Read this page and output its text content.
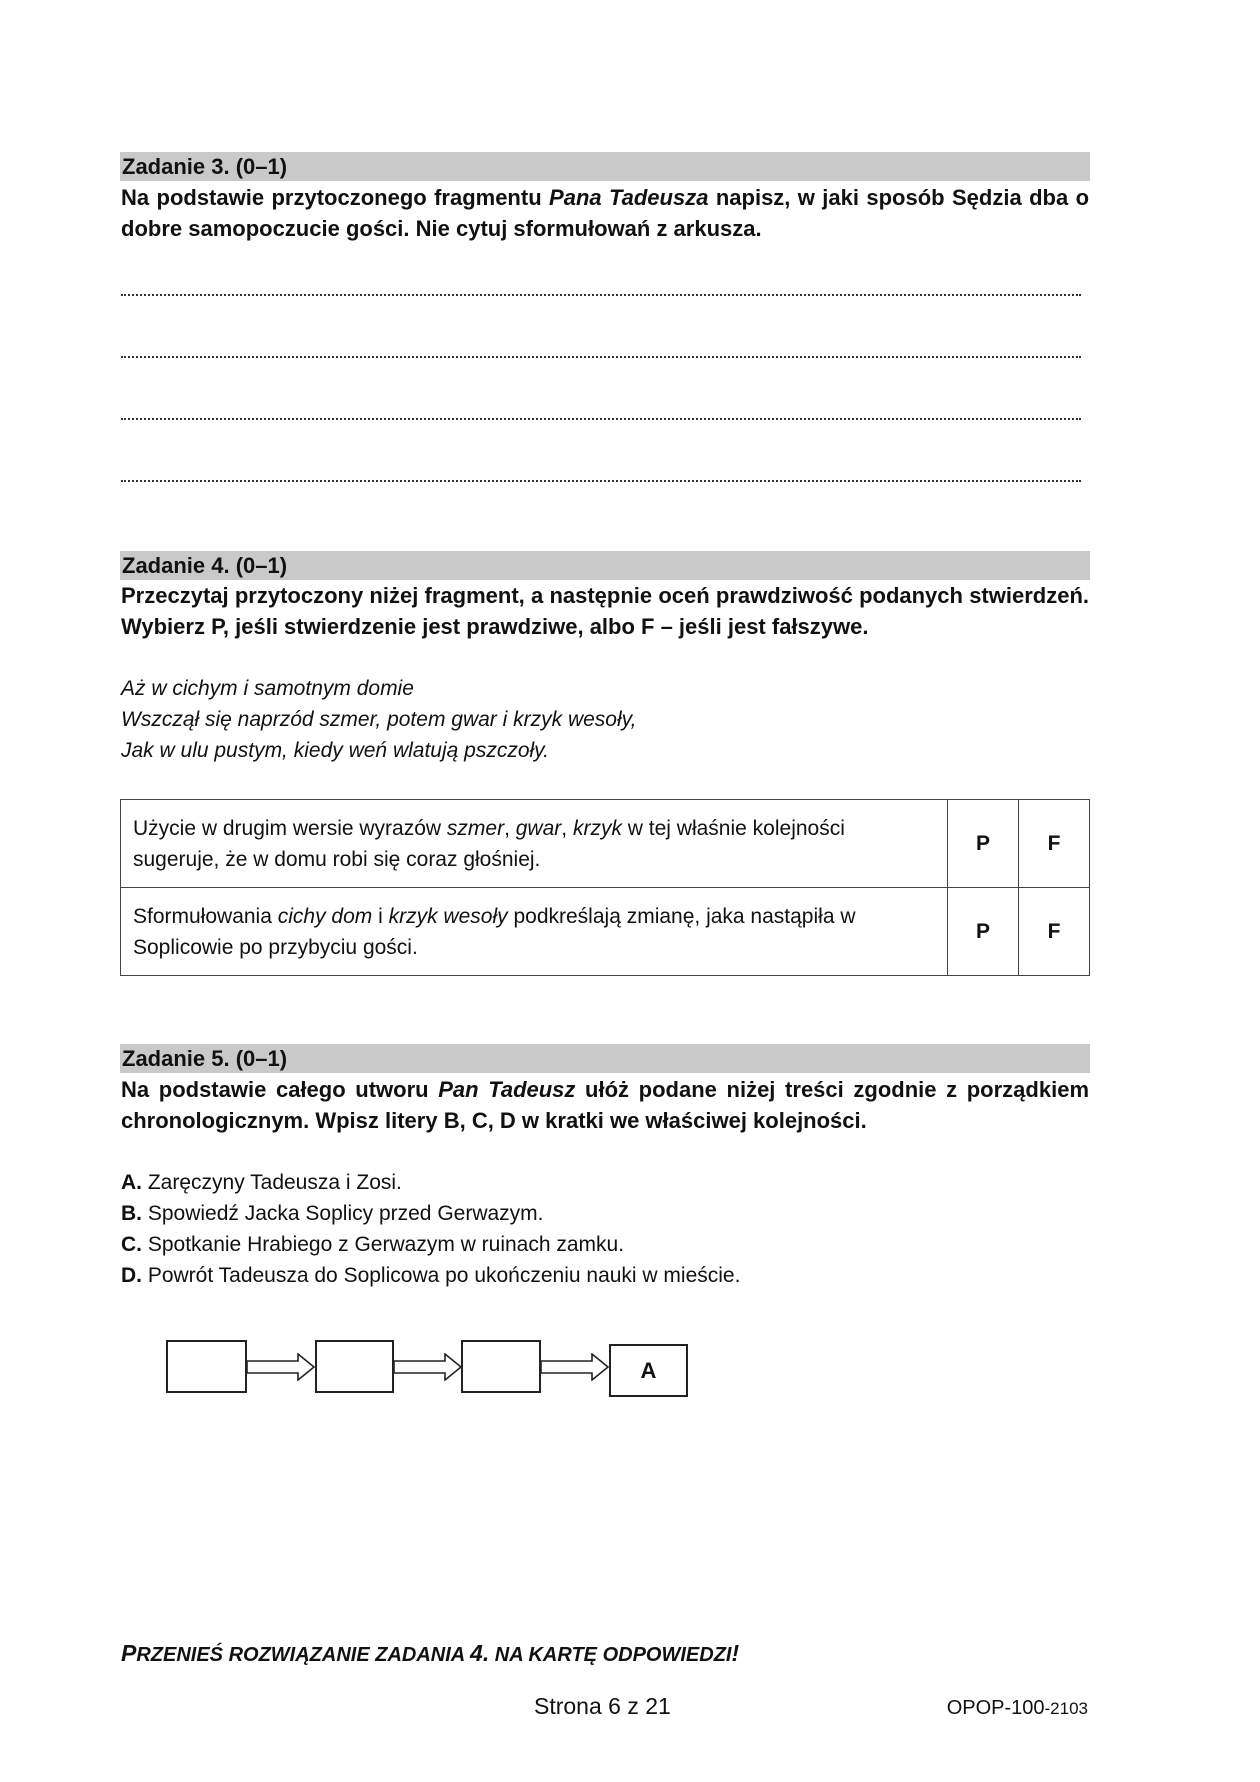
Zadanie 3. (0–1)
Na podstawie przytoczonego fragmentu Pana Tadeusza napisz, w jaki sposób Sędzia dba o dobre samopoczucie gości. Nie cytuj sformułowań z arkusza.
Zadanie 4. (0–1)
Przeczytaj przytoczony niżej fragment, a następnie oceń prawdziwość podanych stwierdzeń. Wybierz P, jeśli stwierdzenie jest prawdziwe, albo F – jeśli jest fałszywe.
Aż w cichym i samotnym domie
Wszczął się naprzód szmer, potem gwar i krzyk wesoły,
Jak w ulu pustym, kiedy weń wlatują pszczoły.
Użycie w drugim wersie wyrazów szmer, gwar, krzyk w tej właśnie kolejności sugeruje, że w domu robi się coraz głośniej.	P	F
Sformułowania cichy dom i krzyk wesoły podkreślają zmianę, jaka nastąpiła w Soplicowie po przybyciu gości.	P	F
Zadanie 5. (0–1)
Na podstawie całego utworu Pan Tadeusz ułóż podane niżej treści zgodnie z porządkiem chronologicznym. Wpisz litery B, C, D w kratki we właściwej kolejności.
A. Zaręczyny Tadeusza i Zosi.
B. Spowiedź Jacka Soplicy przed Gerwazym.
C. Spotkanie Hrabiego z Gerwazym w ruinach zamku.
D. Powrót Tadeusza do Soplicowa po ukończeniu nauki w mieście.
A
PRZENIEŚ ROZWIĄZANIE ZADANIA 4. NA KARTĘ ODPOWIEDZI!
Strona 6 z 21	OPOP-100-2103
